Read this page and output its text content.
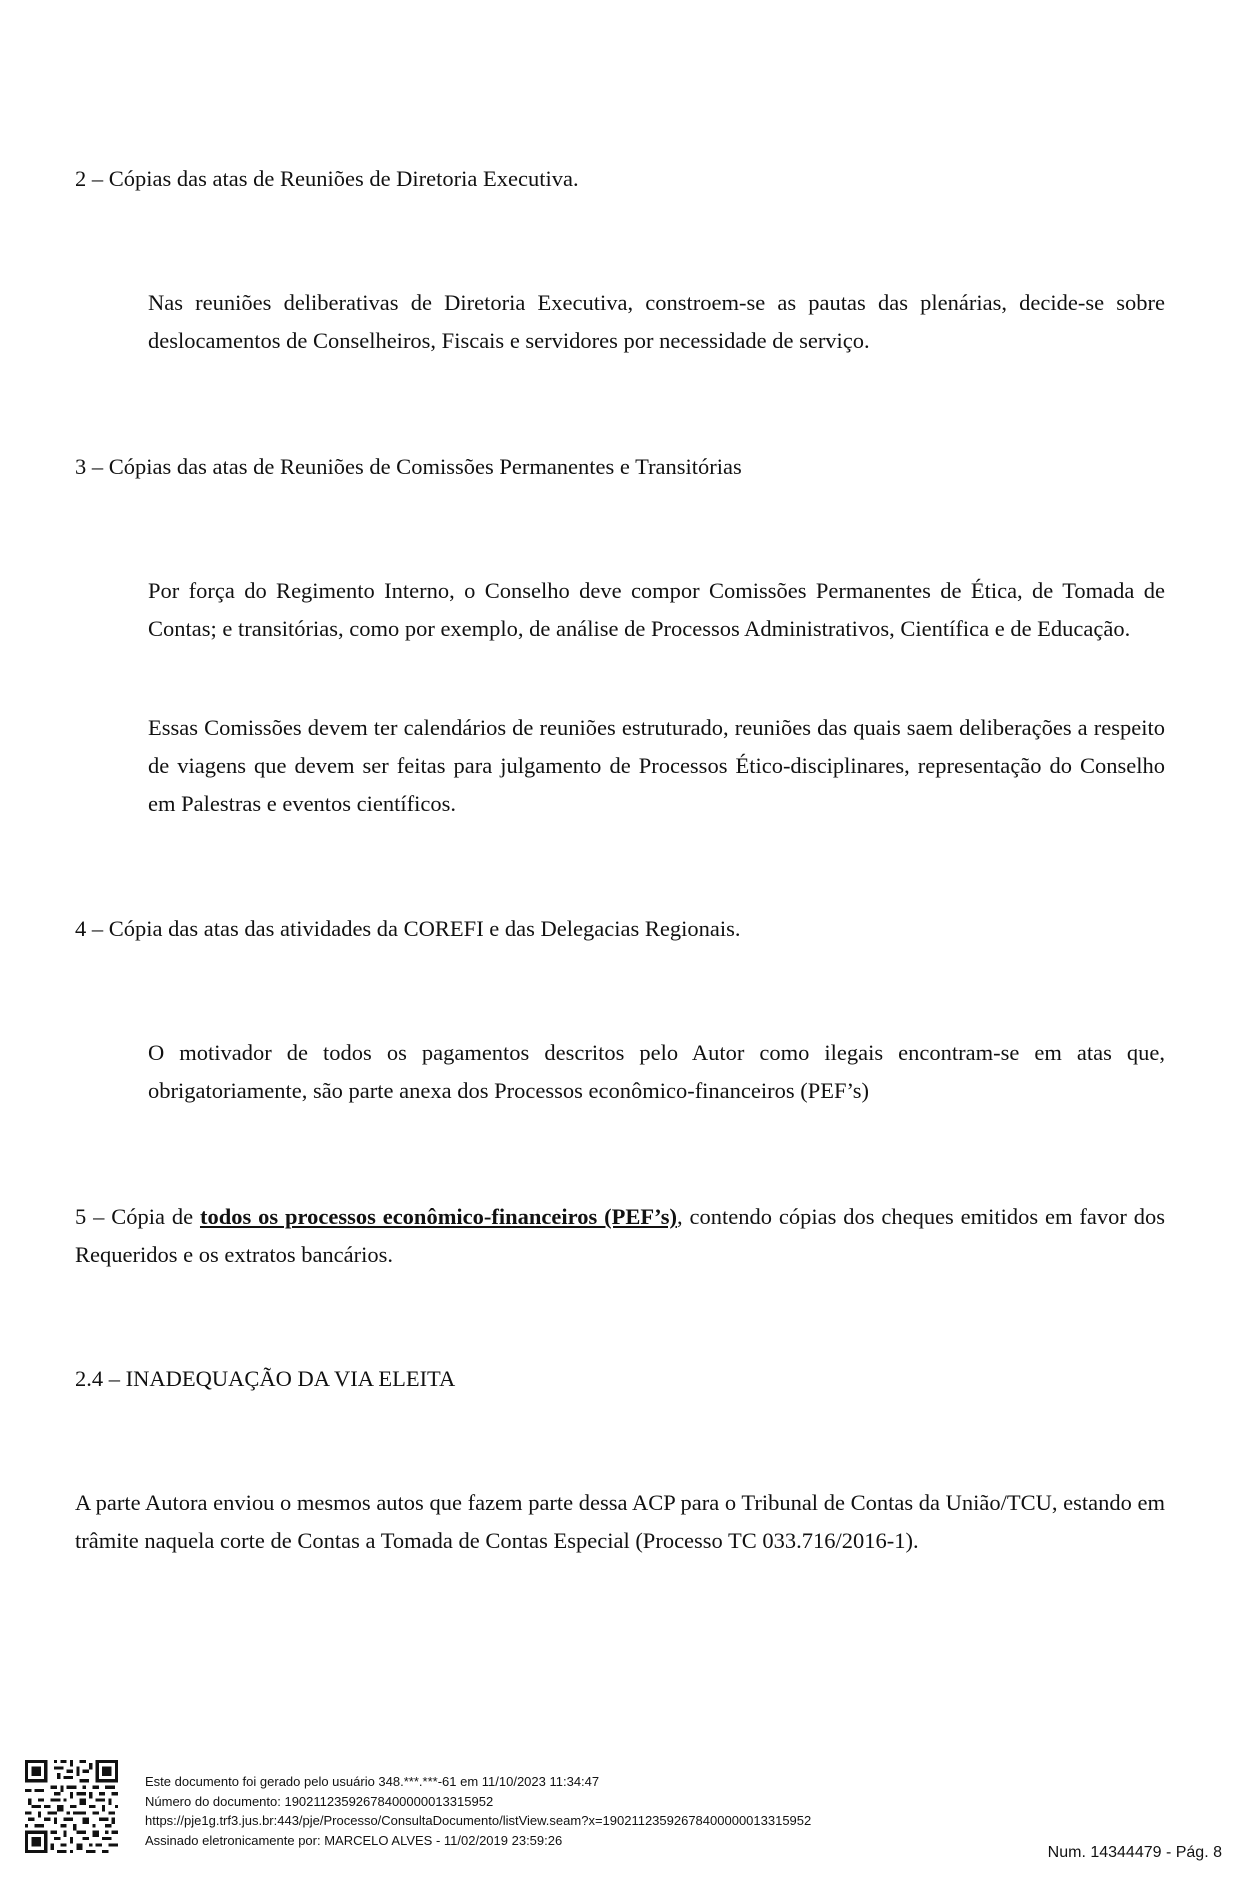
2 – Cópias das atas de Reuniões de Diretoria Executiva.

Nas reuniões deliberativas de Diretoria Executiva, constroem-se as pautas das plenárias, decide-se sobre deslocamentos de Conselheiros, Fiscais e servidores por necessidade de serviço.

3 – Cópias das atas de Reuniões de Comissões Permanentes e Transitórias

Por força do Regimento Interno, o Conselho deve compor Comissões Permanentes de Ética, de Tomada de Contas; e transitórias, como por exemplo, de análise de Processos Administrativos, Científica e de Educação.

Essas Comissões devem ter calendários de reuniões estruturado, reuniões das quais saem deliberações a respeito de viagens que devem ser feitas para julgamento de Processos Ético-disciplinares, representação do Conselho em Palestras e eventos científicos.

4 – Cópia das atas das atividades da COREFI e das Delegacias Regionais.

O motivador de todos os pagamentos descritos pelo Autor como ilegais encontram-se em atas que, obrigatoriamente, são parte anexa dos Processos econômico-financeiros (PEF’s)

5 – Cópia de todos os processos econômico-financeiros (PEF’s), contendo cópias dos cheques emitidos em favor dos Requeridos e os extratos bancários.

2.4 – INADEQUAÇÃO DA VIA ELEITA

A parte Autora enviou o mesmos autos que fazem parte dessa ACP para o Tribunal de Contas da União/TCU, estando em trâmite naquela corte de Contas a Tomada de Contas Especial (Processo TC 033.716/2016-1).

Este documento foi gerado pelo usuário 348.***.***-61 em 11/10/2023 11:34:47
Número do documento: 19021123592678400000013315952
https://pje1g.trf3.jus.br:443/pje/Processo/ConsultaDocumento/listView.seam?x=19021123592678400000013315952
Assinado eletronicamente por: MARCELO ALVES - 11/02/2019 23:59:26
Num. 14344479 - Pág. 8
